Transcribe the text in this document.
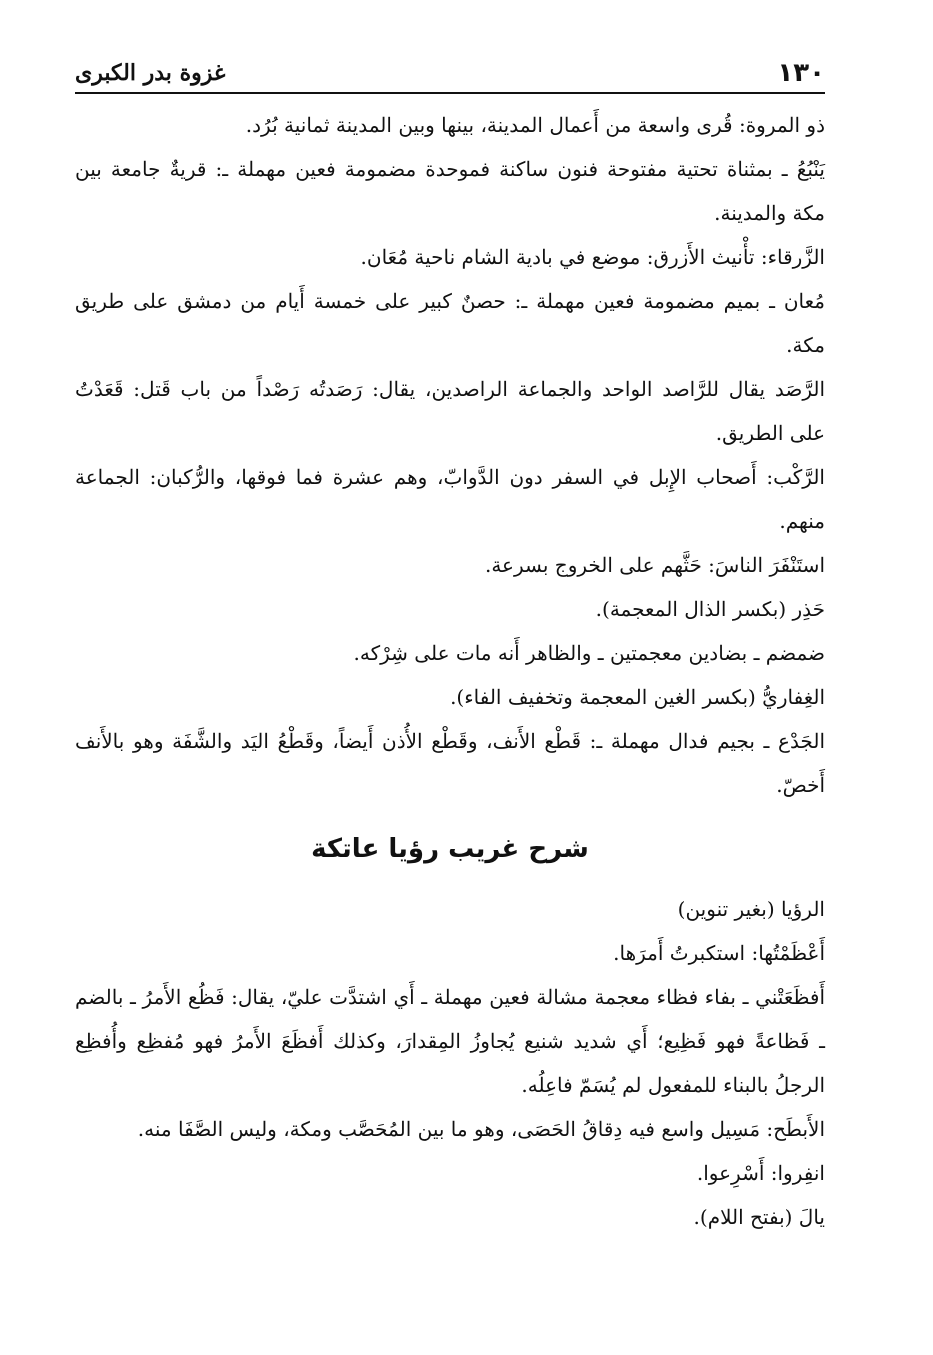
١٣٠
غزوة بدر الكبرى

ذو المروة: قُرى واسعة من أَعمال المدينة، بينها وبين المدينة ثمانية بُرُد.

يَنْبُعُ ـ بمثناة تحتية مفتوحة فنون ساكنة فموحدة مضمومة فعين مهملة ـ: قريةٌ جامعة بين مكة والمدينة.

الزَّرقاء: تأْنيث الأَزرق: موضع في بادية الشام ناحية مُعَان.

مُعان ـ بميم مضمومة فعين مهملة ـ: حصنٌ كبير على خمسة أَيام من دمشق على طريق مكة.

الرَّصَد يقال للرَّاصد الواحد والجماعة الراصدين، يقال: رَصَدتُه رَصْداً من باب قَتل: قَعَدْتُ على الطريق.

الرَّكْب: أَصحاب الإِبل في السفر دون الدَّوابّ، وهم عشرة فما فوقها، والرُّكبان: الجماعة منهم.

استَنْفَرَ الناسَ: حَثَّهم على الخروج بسرعة.

حَذِر (بكسر الذال المعجمة).

ضمضم ـ بضادين معجمتين ـ والظاهر أَنه مات على شِرْكه.

الغِفاريُّ (بكسر الغين المعجمة وتخفيف الفاء).

الجَدْع ـ بجيم فدال مهملة ـ: قَطْع الأَنف، وقَطْع الأُذن أَيضاً، وقَطْعُ اليَد والشَّفَة وهو بالأَنف أَخصّ.

شرح غريب رؤيا عاتكة

الرؤيا (بغير تنوين)

أَعْظَمْتُها: استكبرتُ أَمرَها.

أَفظَعَتْني ـ بفاء فظاء معجمة مشالة فعين مهملة ـ أَي اشتدَّت عليّ، يقال: فَظُع الأَمرُ ـ بالضم ـ فَظاعةً فهو فَظِيع؛ أَي شديد شنيع يُجاوزُ المِقدارَ، وكذلك أَفظَعَ الأَمرُ فهو مُفظِع وأُفظِع الرجلُ بالبناء للمفعول لم يُسَمّ فاعِلُه.

الأَبطَح: مَسِيل واسع فيه دِقاقُ الحَصَى، وهو ما بين المُحَصَّب ومكة، وليس الصَّفَا منه.

انفِروا: أَسْرِعوا.

يالَ (بفتح اللام).
